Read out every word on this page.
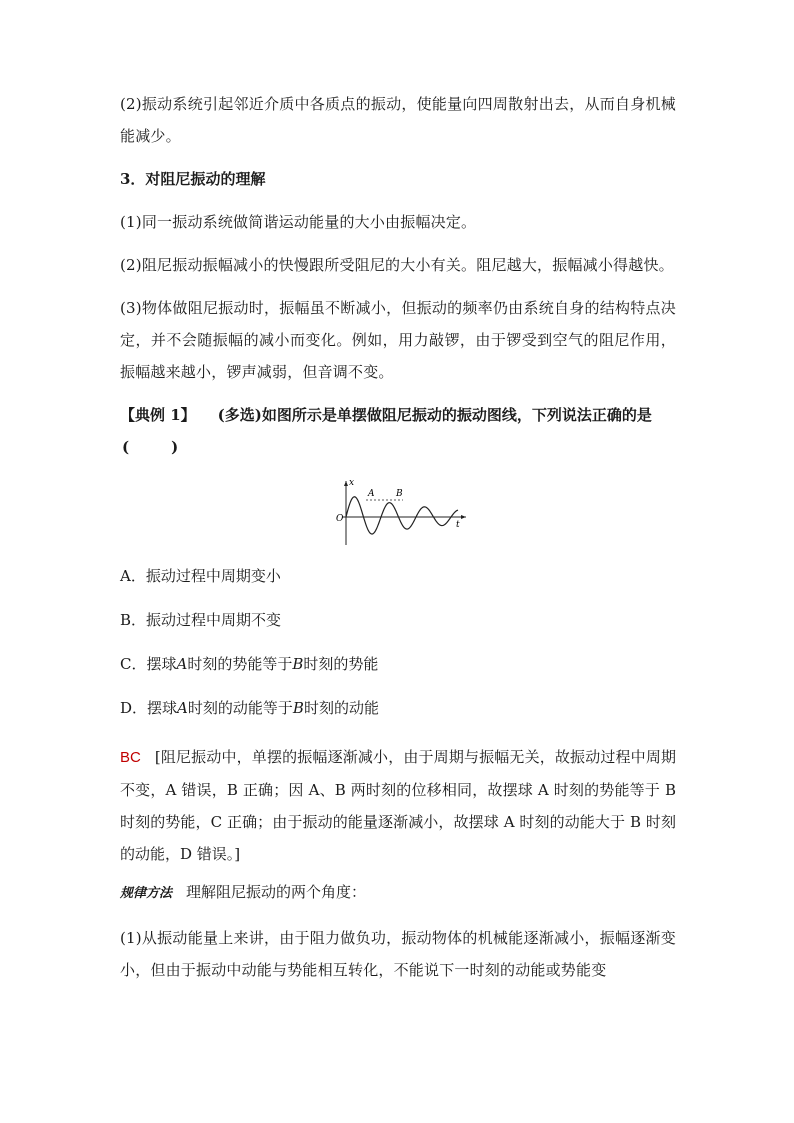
(2)振动系统引起邻近介质中各质点的振动，使能量向四周散射出去，从而自身机械能减少。

3．对阻尼振动的理解

(1)同一振动系统做简谐运动能量的大小由振幅决定。

(2)阻尼振动振幅减小的快慢跟所受阻尼的大小有关。阻尼越大，振幅减小得越快。

(3)物体做阻尼振动时，振幅虽不断减小，但振动的频率仍由系统自身的结构特点决定，并不会随振幅的减小而变化。例如，用力敲锣，由于锣受到空气的阻尼作用，振幅越来越小，锣声减弱，但音调不变。

【典例 1】 (多选)如图所示是单摆做阻尼振动的振动图线，下列说法正确的是
(　　)
x
t
O
A B

A．振动过程中周期变小

B．振动过程中周期不变

C．摆球A时刻的势能等于B时刻的势能

D．摆球A时刻的动能等于B时刻的动能

BC [阻尼振动中，单摆的振幅逐渐减小，由于周期与振幅无关，故振动过程中周期不变，A 错误，B 正确；因 A、B 两时刻的位移相同，故摆球 A 时刻的势能等于 B 时刻的势能，C 正确；由于振动的能量逐渐减小，故摆球 A 时刻的动能大于 B 时刻的动能，D 错误。]

规律方法 理解阻尼振动的两个角度：

(1)从振动能量上来讲，由于阻力做负功，振动物体的机械能逐渐减小，振幅逐渐变小，但由于振动中动能与势能相互转化，不能说下一时刻的动能或势能变
